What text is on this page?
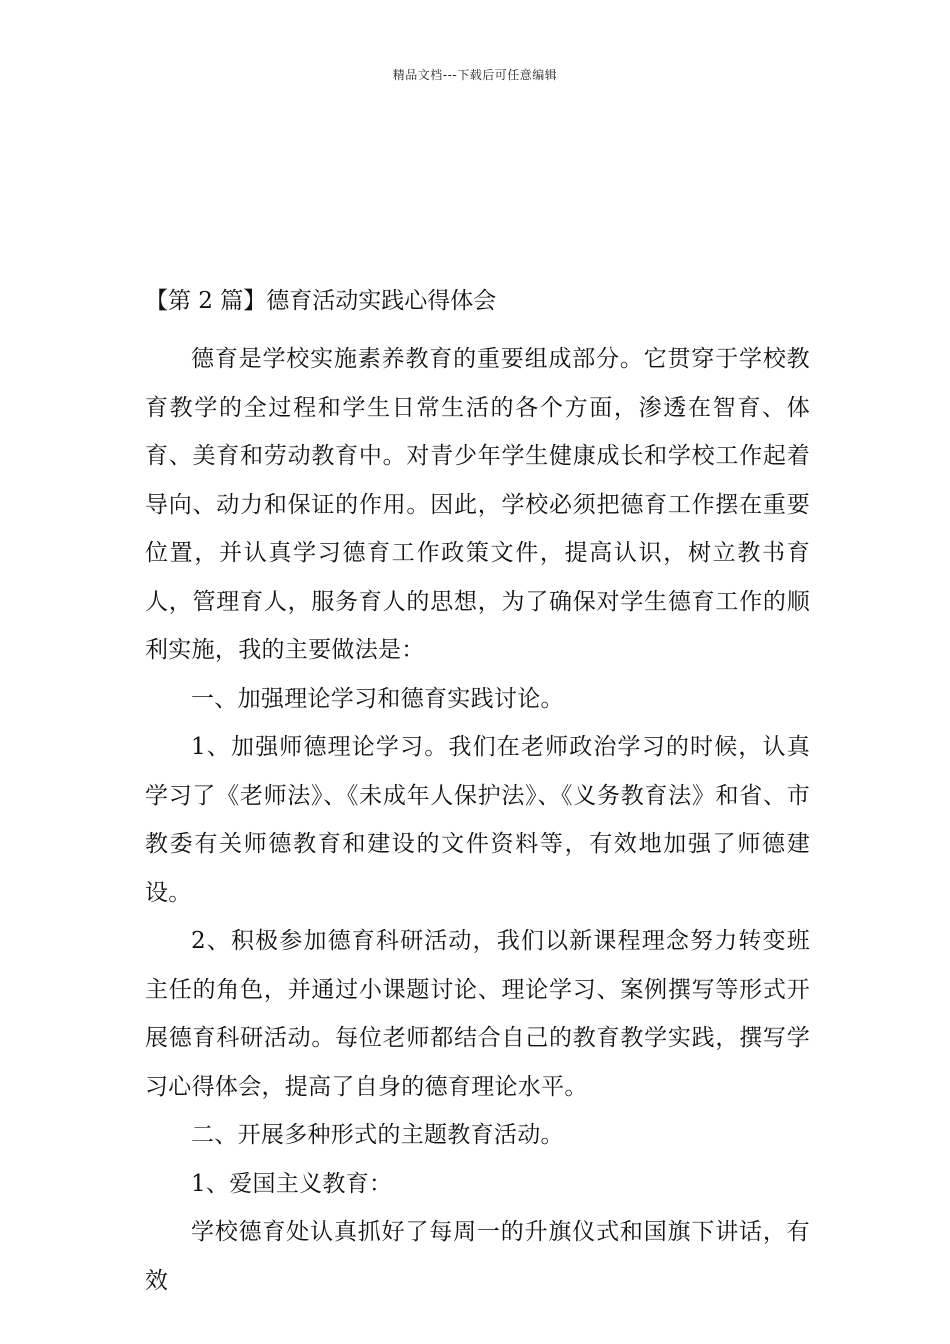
精品文档---下载后可任意编辑
【第 2 篇】德育活动实践心得体会

德育是学校实施素养教育的重要组成部分。它贯穿于学校教育教学的全过程和学生日常生活的各个方面，渗透在智育、体育、美育和劳动教育中。对青少年学生健康成长和学校工作起着导向、动力和保证的作用。因此，学校必须把德育工作摆在重要位置，并认真学习德育工作政策文件，提高认识，树立教书育人，管理育人，服务育人的思想，为了确保对学生德育工作的顺利实施，我的主要做法是：

一、加强理论学习和德育实践讨论。

1、加强师德理论学习。我们在老师政治学习的时候，认真学习了《老师法》、《未成年人保护法》、《义务教育法》和省、市教委有关师德教育和建设的文件资料等，有效地加强了师德建设。

2、积极参加德育科研活动，我们以新课程理念努力转变班主任的角色，并通过小课题讨论、理论学习、案例撰写等形式开展德育科研活动。每位老师都结合自己的教育教学实践，撰写学习心得体会，提高了自身的德育理论水平。

二、开展多种形式的主题教育活动。

1、爱国主义教育：

学校德育处认真抓好了每周一的升旗仪式和国旗下讲话，有效
